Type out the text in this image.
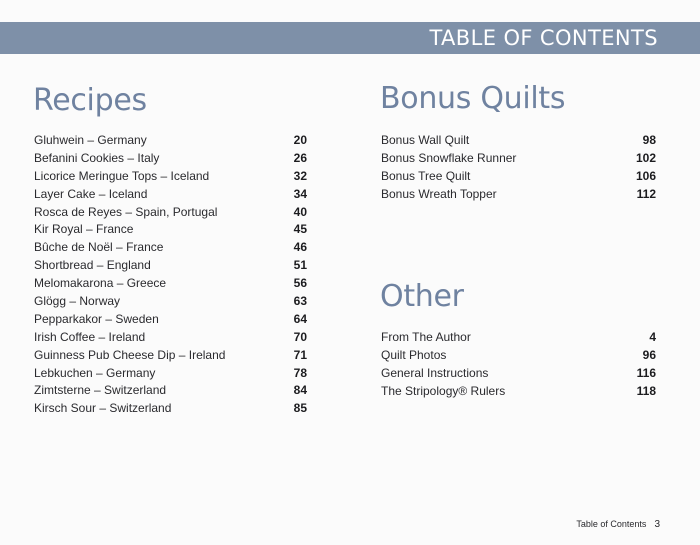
TABLE OF CONTENTS
Recipes
Gluhwein – Germany	20
Befanini Cookies – Italy	26
Licorice Meringue Tops – Iceland	32
Layer Cake – Iceland	34
Rosca de Reyes – Spain, Portugal	40
Kir Royal – France	45
Bûche de Noël – France	46
Shortbread – England	51
Melomakarona – Greece	56
Glögg – Norway	63
Pepparkakor – Sweden	64
Irish Coffee – Ireland	70
Guinness Pub Cheese Dip – Ireland	71
Lebkuchen – Germany	78
Zimtsterne – Switzerland	84
Kirsch Sour – Switzerland	85
Bonus Quilts
Bonus Wall Quilt	98
Bonus Snowflake Runner	102
Bonus Tree Quilt	106
Bonus Wreath Topper	112
Other
From The Author	4
Quilt Photos	96
General Instructions	116
The Stripology® Rulers	118
Table of Contents 3
